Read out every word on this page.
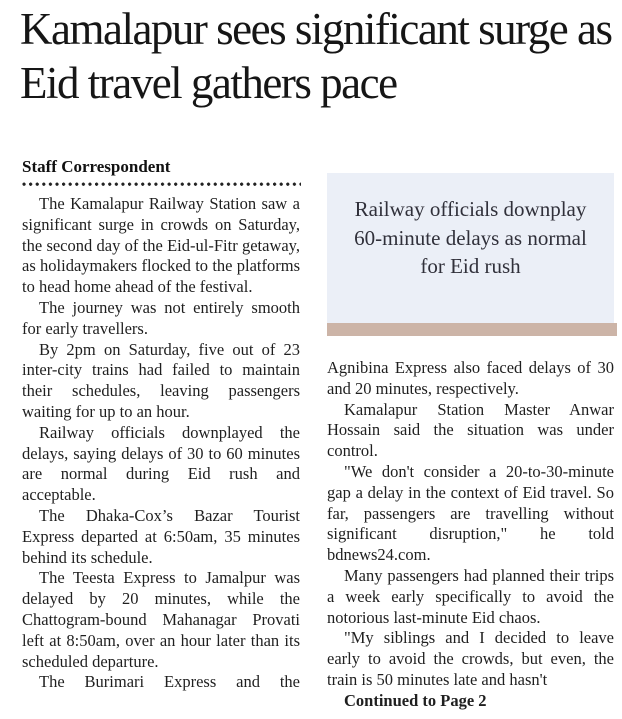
Kamalapur sees significant surge as Eid travel gathers pace
Staff Correspondent

The Kamalapur Railway Station saw a significant surge in crowds on Saturday, the second day of the Eid-ul-Fitr getaway, as holidaymakers flocked to the platforms to head home ahead of the festival.

The journey was not entirely smooth for early travellers.

By 2pm on Saturday, five out of 23 inter-city trains had failed to maintain their schedules, leaving passengers waiting for up to an hour.

Railway officials downplayed the delays, saying delays of 30 to 60 minutes are normal during Eid rush and acceptable.

The Dhaka-Cox’s Bazar Tourist Express departed at 6:50am, 35 minutes behind its schedule.

The Teesta Express to Jamalpur was delayed by 20 minutes, while the Chattogram-bound Mahanagar Provati left at 8:50am, over an hour later than its scheduled departure.

The Burimari Express and the

Railway officials downplay 60-minute delays as normal for Eid rush

Agnibina Express also faced delays of 30 and 20 minutes, respectively.

Kamalapur Station Master Anwar Hossain said the situation was under control.

"We don't consider a 20-to-30-minute gap a delay in the context of Eid travel. So far, passengers are travelling without significant disruption," he told bdnews24.com.

Many passengers had planned their trips a week early specifically to avoid the notorious last-minute Eid chaos.

"My siblings and I decided to leave early to avoid the crowds, but even, the train is 50 minutes late and hasn't

Continued to Page 2
